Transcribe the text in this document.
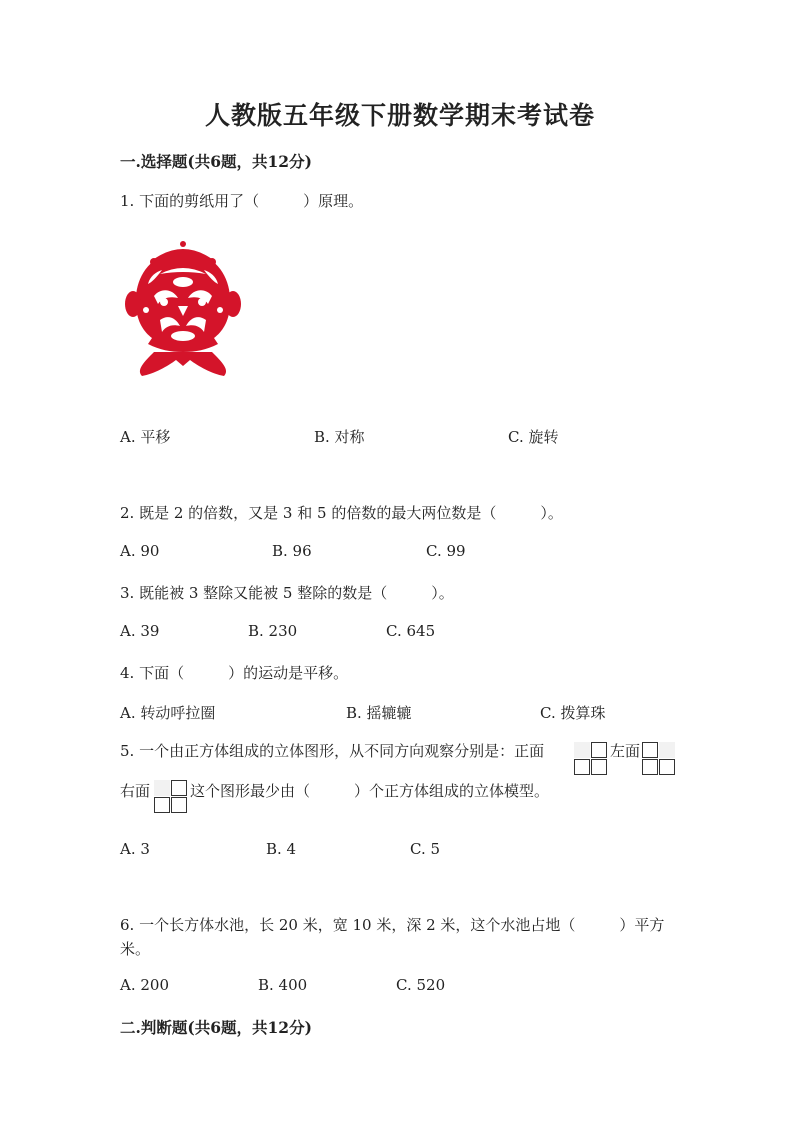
人教版五年级下册数学期末考试卷
一.选择题(共6题，共12分)
1. 下面的剪纸用了（	）原理。
A. 平移	B. 对称	C. 旋转
2. 既是 2 的倍数，又是 3 和 5 的倍数的最大两位数是（	）。
A. 90	B. 96	C. 99
3. 既能被 3 整除又能被 5 整除的数是（	）。
A. 39	B. 230	C. 645
4. 下面（	）的运动是平移。
A. 转动呼拉圈	B. 摇辘辘	C. 拨算珠
5. 一个由正方体组成的立体图形，从不同方向观察分别是：正面	左面
右面	这个图形最少由（	）个正方体组成的立体模型。
A. 3	B. 4	C. 5
6. 一个长方体水池，长 20 米，宽 10 米，深 2 米，这个水池占地（	）平方
米。
A. 200	B. 400	C. 520
二.判断题(共6题，共12分)
